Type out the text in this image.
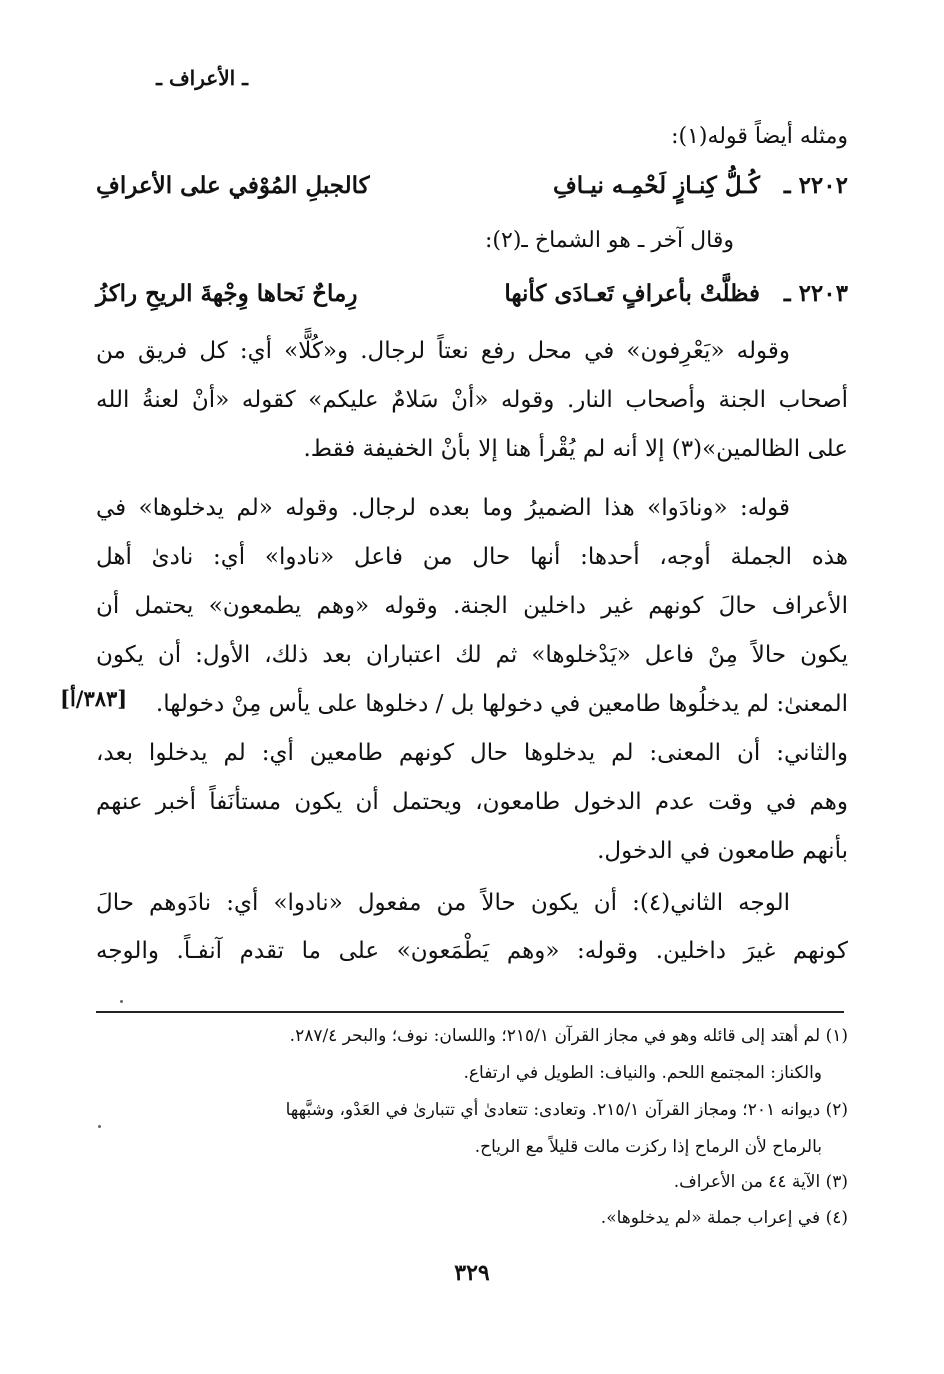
ـ الأعراف ـ
ومثله أيضاً قوله(١):
٢٢٠٢ ـ
كُـلُّ كِنـازٍ لَحْمِـه نيـافِ
كالجبلِ المُوْفي على الأعرافِ
وقال آخر ـ هو الشماخ ـ(٢):
٢٢٠٣ ـ
فظلَّتْ بأعرافٍ تَعـادَى كأنها
رِماحٌ نَحاها وِجْهةَ الريحِ راكزُ
وقوله «يَعْرِفون» في محل رفع نعتاً لرجال. و«كُلًّا» أي: كل فريق من
أصحاب الجنة وأصحاب النار. وقوله «أنْ سَلامٌ عليكم» كقوله «أنْ لعنةُ الله
على الظالمين»(٣) إلا أنه لم يُقْرأ هنا إلا بأنْ الخفيفة فقط.
قوله: «ونادَوا» هذا الضميرُ وما بعده لرجال. وقوله «لم يدخلوها» في
هذه الجملة أوجه، أحدها: أنها حال من فاعل «نادوا» أي: نادىٰ أهل
الأعراف حالَ كونهم غير داخلين الجنة. وقوله «وهم يطمعون» يحتمل أن
يكون حالاً مِنْ فاعل «يَدْخلوها» ثم لك اعتباران بعد ذلك، الأول: أن يكون
المعنىٰ: لم يدخلُوها طامعين في دخولها بل / دخلوها على يأس مِنْ دخولها.
[٣٨٣/أ]
والثاني: أن المعنى: لم يدخلوها حال كونهم طامعين أي: لم يدخلوا بعد،
وهم في وقت عدم الدخول طامعون، ويحتمل أن يكون مستأنَفاً أخبر عنهم
بأنهم طامعون في الدخول.
الوجه الثاني(٤): أن يكون حالاً من مفعول «نادوا» أي: نادَوهم حالَ
كونهم غيرَ داخلين. وقوله: «وهم يَطْمَعون» على ما تقدم آنفـاً. والوجه
(١) لم أهتد إلى قائله وهو في مجاز القرآن ٢١٥/١؛ واللسان: نوف؛ والبحر ٢٨٧/٤.
والكناز: المجتمع اللحم. والنياف: الطويل في ارتفاع.
(٢) ديوانه ٢٠١؛ ومجاز القرآن ٢١٥/١. وتعادى: تتعادىٰ أي تتبارىٰ في العَدْو، وشبَّهها
بالرماح لأن الرماح إذا ركزت مالت قليلاً مع الرياح.
(٣) الآية ٤٤ من الأعراف.
(٤) في إعراب جملة «لم يدخلوها».
٣٢٩
